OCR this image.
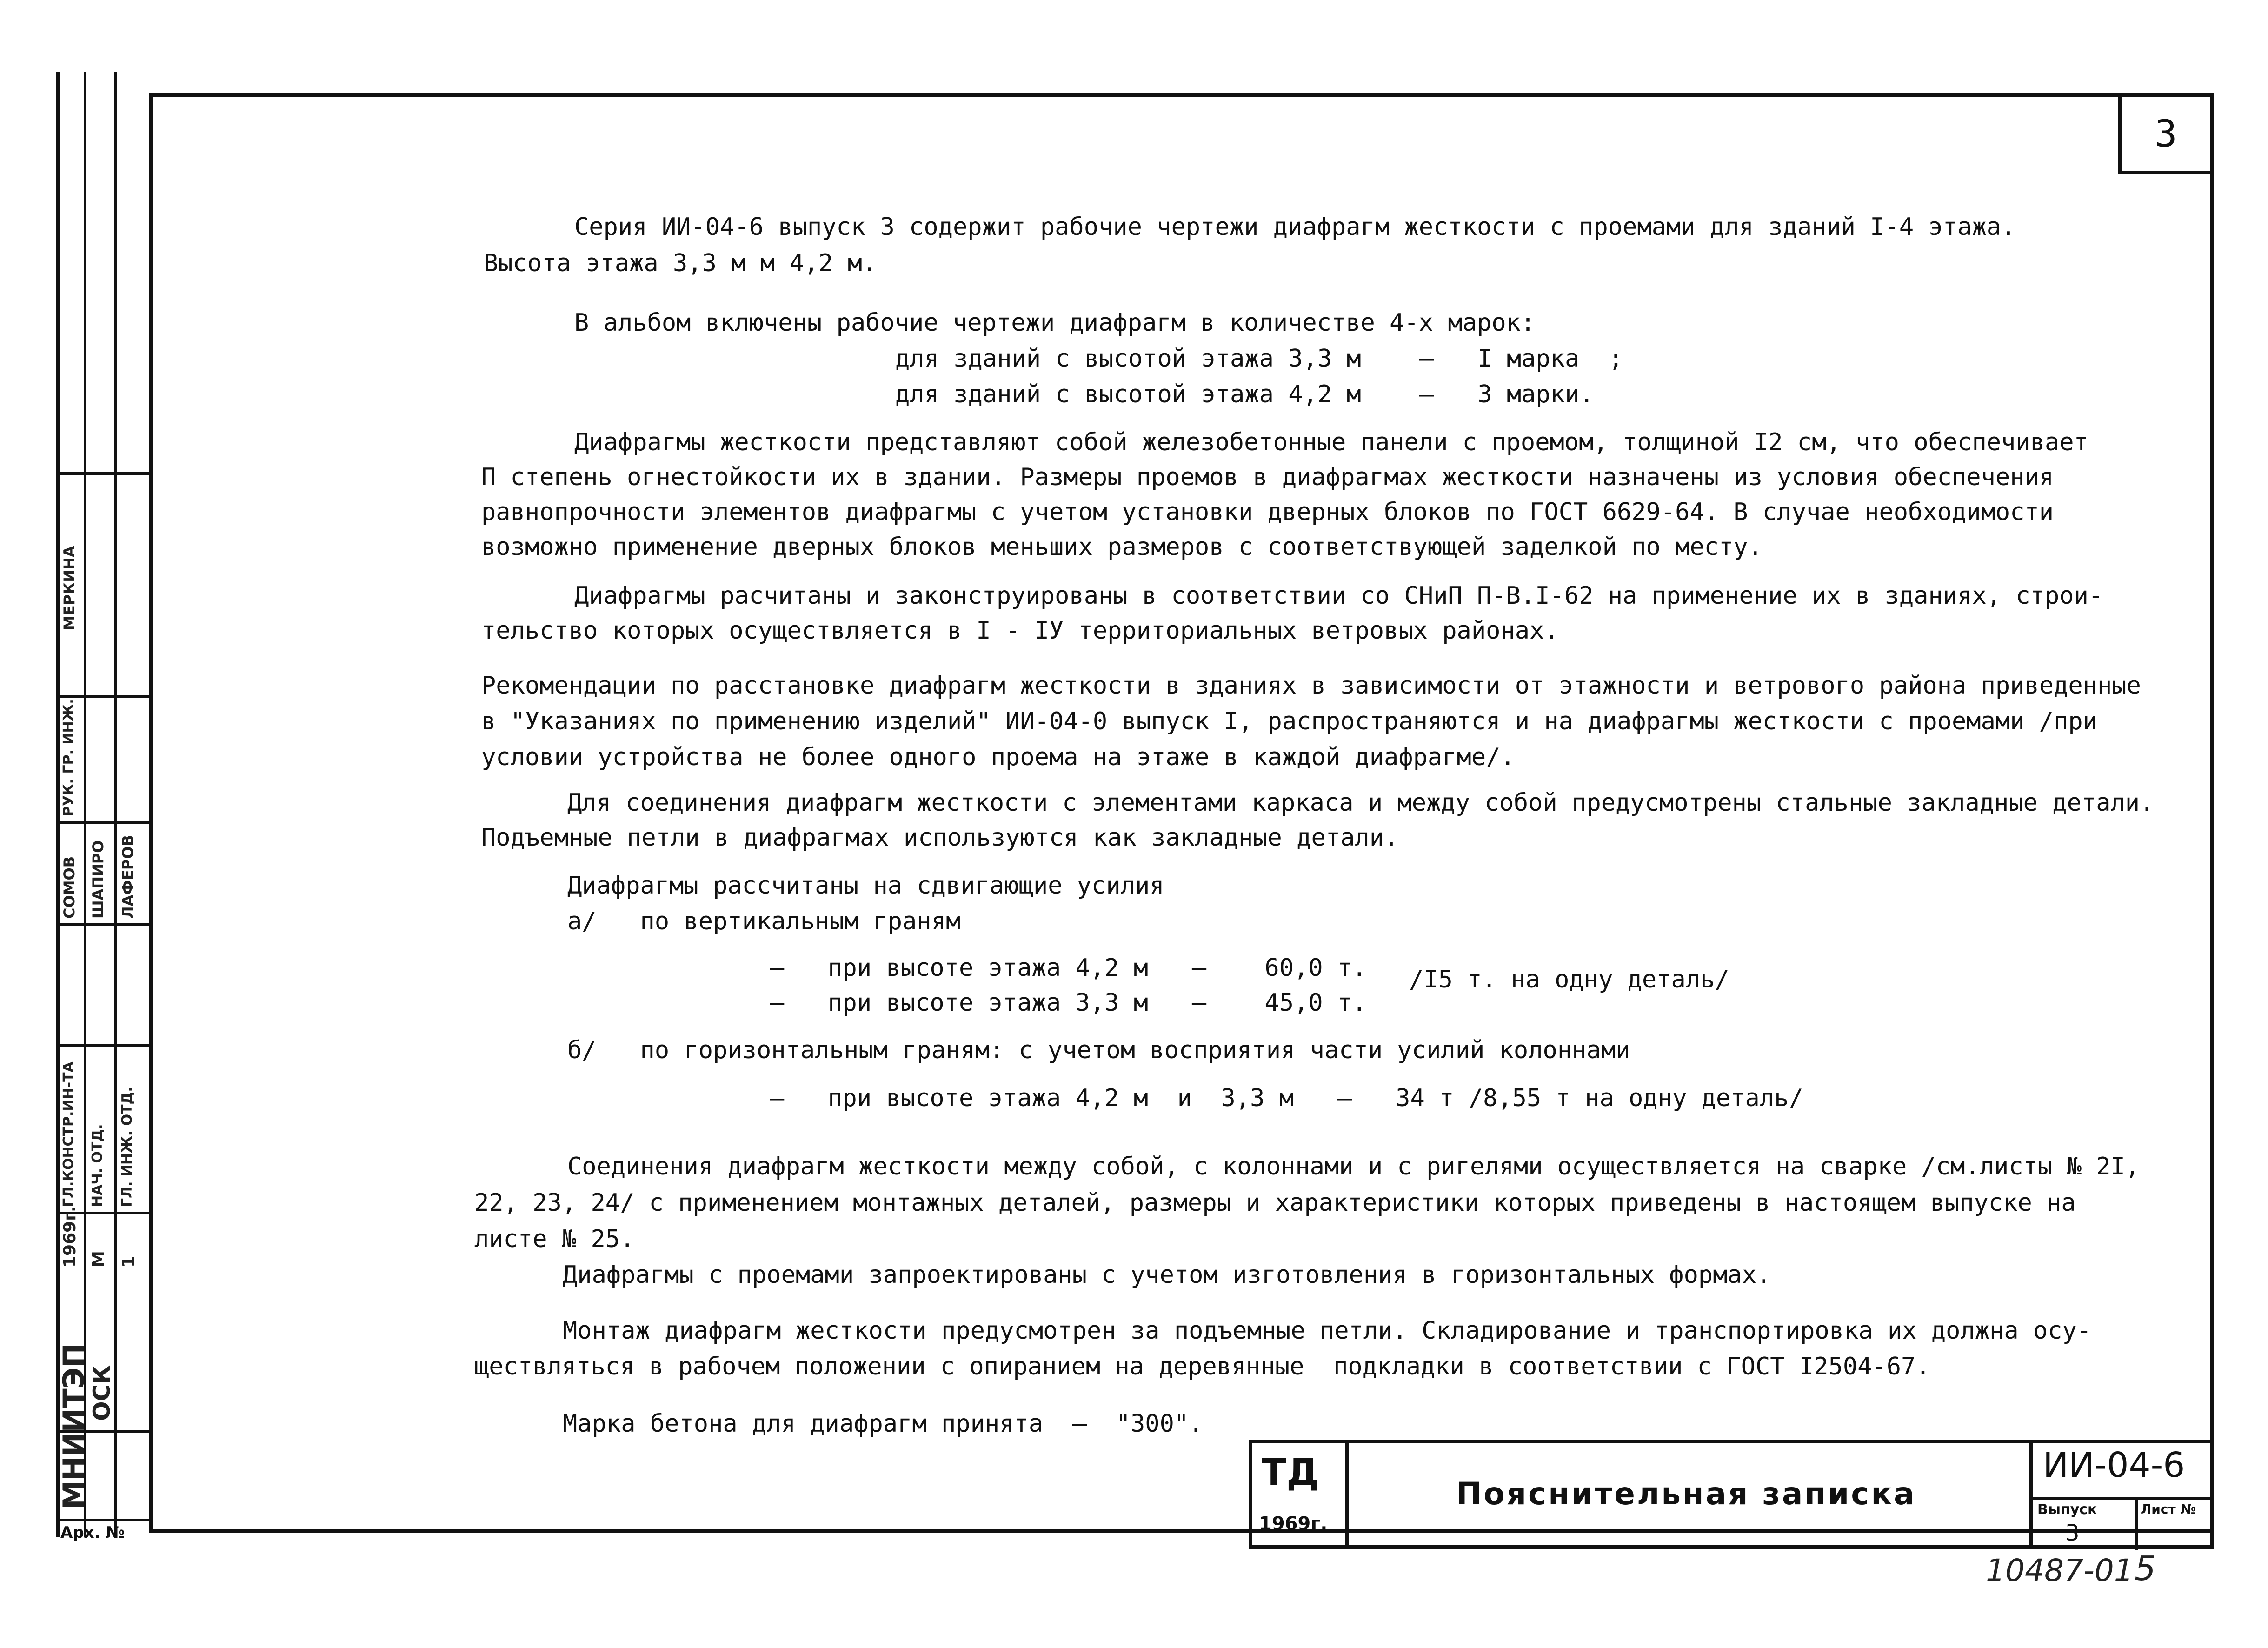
МНИИТЭП
ОСК
1969г. М 1
ГЛ.КОНСТР.ИН-ТА НАЧ. ОТД. ГЛ. ИНЖ. ОТД.
СОМОВ ШАПИРО ЛАФЕРОВ
РУК. ГР. ИНЖ.
МЕРКИНА
Арх. №
3
Серия ИИ-04-6 выпуск 3 содержит рабочие чертежи диафрагм жесткости с проемами для зданий I-4 этажа.
Высота этажа 3,3 м м 4,2 м.
В альбом включены рабочие чертежи диафрагм в количестве 4-х марок:
для зданий с высотой этажа 3,3 м    –   I марка  ;
для зданий с высотой этажа 4,2 м    –   3 марки.
Диафрагмы жесткости представляют собой железобетонные панели с проемом, толщиной I2 см, что обеспечивает
П степень огнестойкости их в здании. Размеры проемов в диафрагмах жесткости назначены из условия обеспечения
равнопрочности элементов диафрагмы с учетом установки дверных блоков по ГОСТ 6629-64. В случае необходимости
возможно применение дверных блоков меньших размеров с соответствующей заделкой по месту.
Диафрагмы расчитаны и законструированы в соответствии со СНиП П-В.I-62 на применение их в зданиях, строи-
тельство которых осуществляется в I - IУ территориальных ветровых районах.
Рекомендации по расстановке диафрагм жесткости в зданиях в зависимости от этажности и ветрового района приведенные
в "Указаниях по применению изделий" ИИ-04-0 выпуск I, распространяются и на диафрагмы жесткости с проемами /при
условии устройства не более одного проема на этаже в каждой диафрагме/.
Для соединения диафрагм жесткости с элементами каркаса и между собой предусмотрены стальные закладные детали.
Подъемные петли в диафрагмах используются как закладные детали.
Диафрагмы рассчитаны на сдвигающие усилия
а/   по вертикальным граням
–   при высоте этажа 4,2 м   –    60,0 т.
–   при высоте этажа 3,3 м   –    45,0 т.
/I5 т. на одну деталь/
б/   по горизонтальным граням: с учетом восприятия части усилий колоннами
–   при высоте этажа 4,2 м  и  3,3 м   –   34 т /8,55 т на одну деталь/
Соединения диафрагм жесткости между собой, с колоннами и с ригелями осуществляется на сварке /см.листы № 2I,
22, 23, 24/ с применением монтажных деталей, размеры и характеристики которых приведены в настоящем выпуске на
листе № 25.
Диафрагмы с проемами запроектированы с учетом изготовления в горизонтальных формах.
Монтаж диафрагм жесткости предусмотрен за подъемные петли. Складирование и транспортировка их должна осу-
ществляться в рабочем положении с опиранием на деревянные  подкладки в соответствии с ГОСТ I2504-67.
Марка бетона для диафрагм принята  –  "300".
ТД
1969г.
Пояснительная записка
ИИ-04-6
Выпуск
3
Лист №
10487-01 5
